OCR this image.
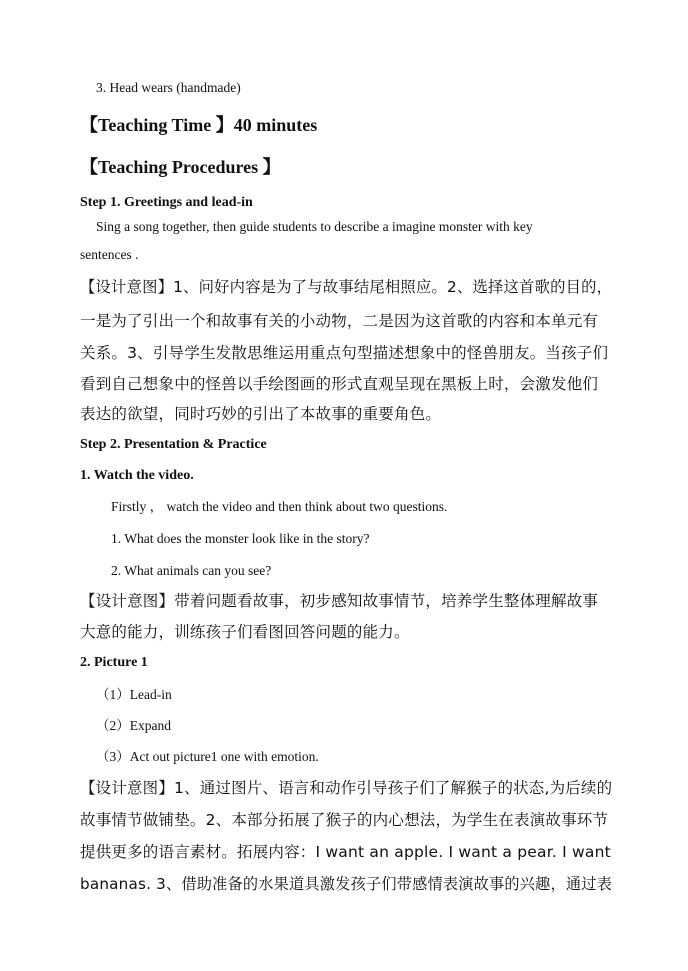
3. Head wears (handmade)
【Teaching Time 】40 minutes
【Teaching Procedures 】
Step 1. Greetings and lead-in
Sing a song together, then guide students to describe a imagine monster with key
sentences .
【设计意图】1、问好内容是为了与故事结尾相照应。2、选择这首歌的目的，
一是为了引出一个和故事有关的小动物，二是因为这首歌的内容和本单元有
关系。3、引导学生发散思维运用重点句型描述想象中的怪兽朋友。当孩子们
看到自己想象中的怪兽以手绘图画的形式直观呈现在黑板上时，会激发他们
表达的欲望，同时巧妙的引出了本故事的重要角色。
Step 2. Presentation & Practice
1. Watch the video.
Firstly ， watch the video and then think about two questions.
1. What does the monster look like in the story?
2. What animals can you see?
【设计意图】带着问题看故事，初步感知故事情节，培养学生整体理解故事
大意的能力，训练孩子们看图回答问题的能力。
2. Picture 1
（1）Lead-in
（2）Expand
（3）Act out picture1 one with emotion.
【设计意图】1、通过图片、语言和动作引导孩子们了解猴子的状态,为后续的
故事情节做铺垫。2、本部分拓展了猴子的内心想法，为学生在表演故事环节
提供更多的语言素材。拓展内容：I want an apple. I want a pear. I want
bananas. 3、借助准备的水果道具激发孩子们带感情表演故事的兴趣，通过表
